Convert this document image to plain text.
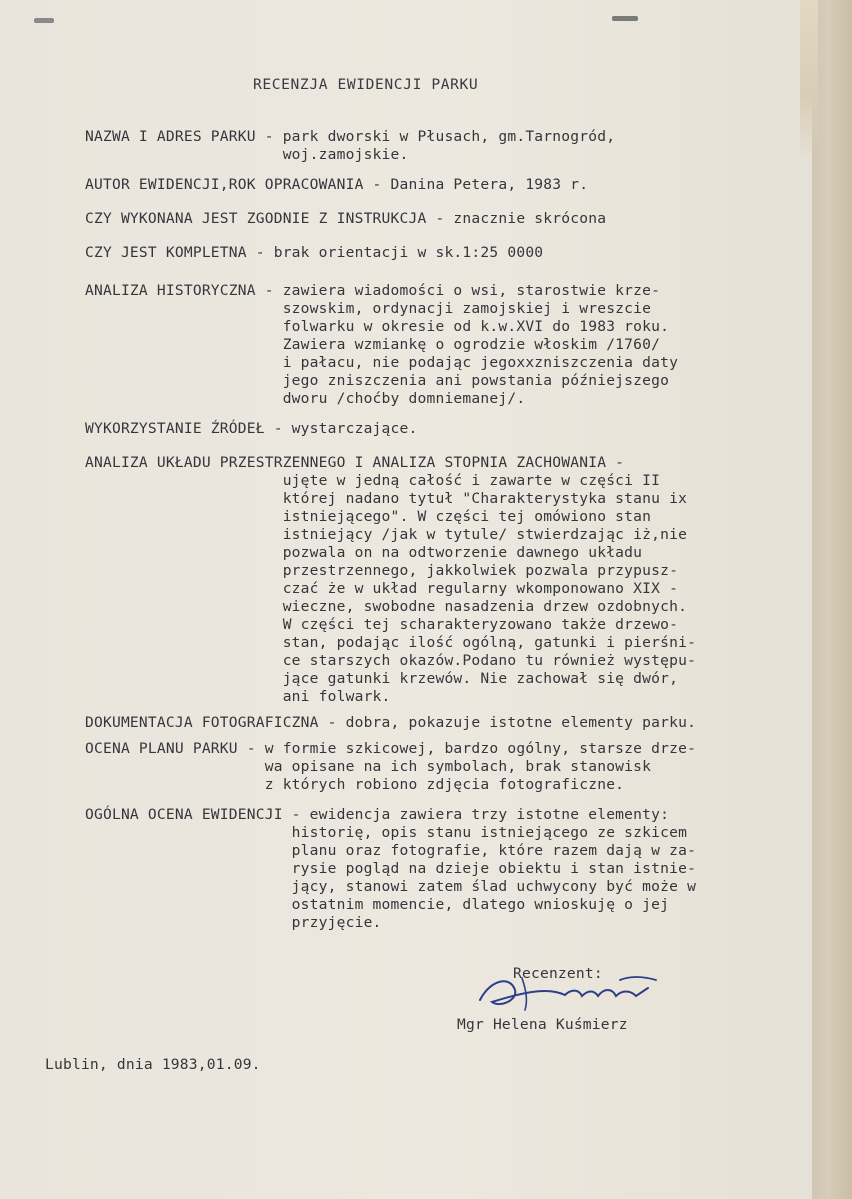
RECENZJA EWIDENCJI PARKU

NAZWA I ADRES PARKU - park dworski w Płusach, gm.Tarnogród,

woj.zamojskie.

AUTOR EWIDENCJI,ROK OPRACOWANIA - Danina Petera, 1983 r.

CZY WYKONANA JEST ZGODNIE Z INSTRUKCJA - znacznie skrócona

CZY JEST KOMPLETNA - brak orientacji w sk.1:25 0000

ANALIZA HISTORYCZNA - zawiera wiadomości o wsi, starostwie krze-

szowskim, ordynacji zamojskiej i wreszcie

folwarku w okresie od k.w.XVI do 1983 roku.

Zawiera wzmiankę o ogrodzie włoskim /1760/

i pałacu, nie podając jegoxxzniszczenia daty

jego zniszczenia ani powstania późniejszego

dworu /choćby domniemanej/.

WYKORZYSTANIE ŹRÓDEŁ - wystarczające.

ANALIZA UKŁADU PRZESTRZENNEGO I ANALIZA STOPNIA ZACHOWANIA -

ujęte w jedną całość i zawarte w części II

której nadano tytuł "Charakterystyka stanu ix

istniejącego". W części tej omówiono stan

istniejący /jak w tytule/ stwierdzając iż,nie

pozwala on na odtworzenie dawnego układu

przestrzennego, jakkolwiek pozwala przypusz-

czać że w układ regularny wkomponowano XIX -

wieczne, swobodne nasadzenia drzew ozdobnych.

W części tej scharakteryzowano także drzewo-

stan, podając ilość ogólną, gatunki i pierśni-

ce starszych okazów.Podano tu również występu-

jące gatunki krzewów. Nie zachował się dwór,

ani folwark.

DOKUMENTACJA FOTOGRAFICZNA - dobra, pokazuje istotne elementy parku.

OCENA PLANU PARKU - w formie szkicowej, bardzo ogólny, starsze drze-

wa opisane na ich symbolach, brak stanowisk

z których robiono zdjęcia fotograficzne.

OGÓLNA OCENA EWIDENCJI - ewidencja zawiera trzy istotne elementy:

historię, opis stanu istniejącego ze szkicem

planu oraz fotografie, które razem dają w za-

rysie pogląd na dzieje obiektu i stan istnie-

jący, stanowi zatem ślad uchwycony być może w

ostatnim momencie, dlatego wnioskuję o jej

przyjęcie.

Recenzent:

Mgr Helena Kuśmierz

Lublin, dnia 1983,01.09.
